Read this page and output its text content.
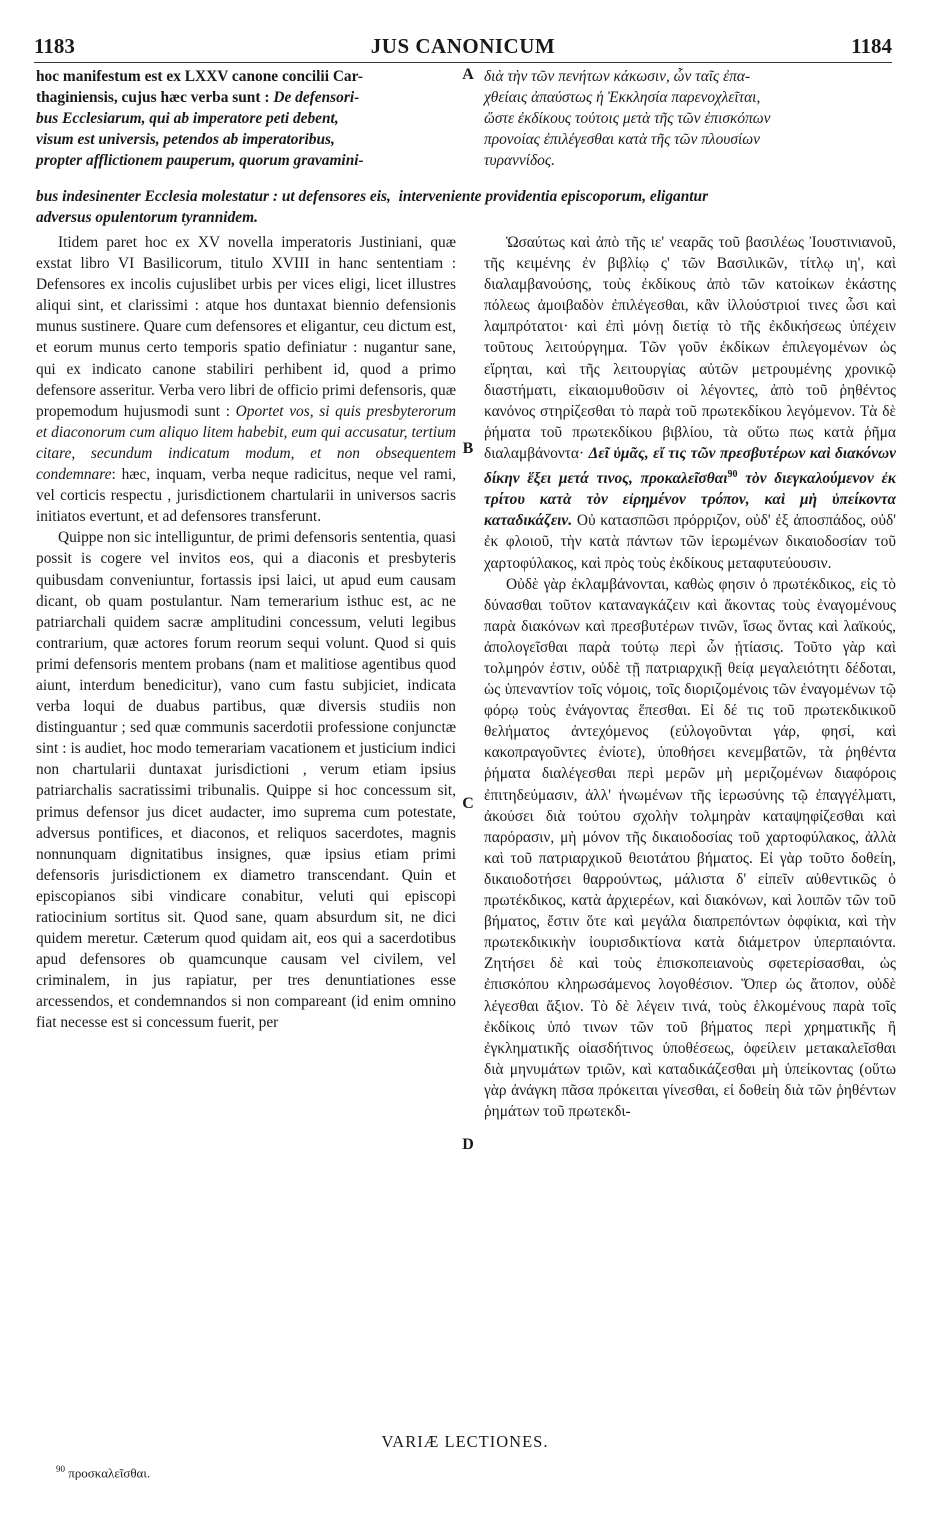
1183	JUS CANONICUM	1184
hoc manifestum est ex LXXV canone concilii Car-
thaginiensis, cujus hæc verba sunt : De defensori-
bus Ecclesiarum, qui ab imperatore peti debent,
visum est universis, petendos ab imperatoribus,
propter afflictionem pauperum, quorum gravamini-
A διὰ τὴν τῶν πενήτων κάκωσιν, ὧν ταῖς ἐπα-
χθείαις ἀπαύστως ἡ Ἐκκλησία παρενοχλεῖται,
ὥστε ἐκδίκους τούτοις μετὰ τῆς τῶν ἐπισκόπων
προνοίας ἐπιλέγεσθαι κατὰ τῆς τῶν πλουσίων
τυραννίδος.
bus indesinenter Ecclesia molestatur : ut defensores eis, interveniente providentia episcoporum, eligantur
adversus opulentorum tyrannidem.

Itidem paret hoc ex XV novella imperatoris Justiniani, quæ exstat libro VI Basilicorum, titulo XVIII in hanc sententiam : Defensores ex incolis cujuslibet urbis per vices eligi, licet illustres aliqui sint, et clarissimi : atque hos duntaxat biennio defensionis munus sustinere. Quare cum defensores et eligantur, ceu dictum est, et eorum munus certo temporis spatio definiatur : nugantur sane, qui ex indicato canone stabiliri perhibent id, quod a primo defensore asseritur. Verba vero libri de officio primi defensoris, quæ propemodum hujusmodi sunt : Oportet vos, si quis presbyterorum et diaconorum cum aliquo litem habebit, eum qui accusatur, tertium citare, secundum indicatum modum, et non obsequentem condemnare: hæc, inquam, verba neque radicitus, neque vel rami, vel corticis respectu , jurisdictionem chartularii in universos sacris initiatos evertunt, et ad defensores transferunt.

Quippe non sic intelliguntur, de primi defensoris sententia, quasi possit is cogere vel invitos eos, qui a diaconis et presbyteris quibusdam conveniuntur, fortassis ipsi laici, ut apud eum causam dicant, ob quam postulantur. Nam temerarium isthuc est, ac ne patriarchali quidem sacræ amplitudini concessum, veluti legibus contrarium, quæ actores forum reorum sequi volunt. Quod si quis primi defensoris mentem probans (nam et malitiose agentibus quod aiunt, interdum benedicitur), vano cum fastu subjiciet, indicata verba loqui de duabus partibus, quæ diversis studiis non distinguantur ; sed quæ communis sacerdotii professione conjunctæ sint : is audiet, hoc modo temerariam vacationem et justicium indici non chartularii duntaxat jurisdictioni , verum etiam ipsius patriarchalis sacratissimi tribunalis. Quippe si hoc concessum sit, primus defensor jus dicet audacter, imo suprema cum potestate, adversus pontifices, et diaconos, et reliquos sacerdotes, magnis nonnunquam dignitatibus insignes, quæ ipsius etiam primi defensoris jurisdictionem ex diametro transcendant. Quin et episcopianos sibi vindicare conabitur, veluti qui episcopi ratiocinium sortitus sit. Quod sane, quam absurdum sit, ne dici quidem meretur. Cæterum quod quidam ait, eos qui a sacerdotibus apud defensores ob quamcunque causam vel civilem, vel criminalem, in jus rapiatur, per tres denuntiationes esse arcessendos, et condemnandos si non compareant (id enim omnino fiat necesse est si concessum fuerit, per

B
C
D

Ὡσαύτως καὶ ἀπὸ τῆς ιε' νεαρᾶς τοῦ βασιλέως Ἰουστινιανοῦ, τῆς κειμένης ἐν βιβλίῳ ς' τῶν Βασιλικῶν, τίτλῳ ιη', καὶ διαλαμβανούσης, τοὺς ἐκδίκους ἀπὸ τῶν κατοίκων ἑκάστης πόλεως ἀμοιβαδὸν ἐπιλέγεσθαι, κἂν ἰλλούστριοί τινες ὦσι καὶ λαμπρότατοι· καὶ ἐπὶ μόνῃ διετίᾳ τὸ τῆς ἐκδικήσεως ὑπέχειν τοῦτους λειτούργημα. Τῶν γοῦν ἐκδίκων ἐπιλεγομένων ὡς εἴρηται, καὶ τῆς λειτουργίας αὐτῶν μετρουμένης χρονικῷ διαστήματι, εἰκαιομυθοῦσιν οἱ λέγοντες, ἀπὸ τοῦ ῥηθέντος κανόνος στηρίζεσθαι τὸ παρὰ τοῦ πρωτεκδίκου λεγόμενον. Τὰ δὲ ῥήματα τοῦ πρωτεκδίκου βιβλίου, τὰ οὕτω πως κατὰ ῥῆμα διαλαμβάνοντα· Δεῖ ὑμᾶς, εἴ τις τῶν πρεσβυτέρων καὶ διακόνων δίκην ἕξει μετά τινος, προκαλεῖσθαι$^{90}$ τὸν διεγκαλούμενον ἐκ τρίτου κατὰ τὸν εἰρημένον τρόπον, καὶ μὴ ὑπείκοντα καταδικάζειν. Οὐ κατασπῶσι πρόρριζον, οὐδ' ἐξ ἀποσπάδος, οὐδ' ἐκ φλοιοῦ, τὴν κατὰ πάντων τῶν ἱερωμένων δικαιοδοσίαν τοῦ χαρτοφύλακος, καὶ πρὸς τοὺς ἐκδίκους μεταφυτεύουσιν.

Οὐδὲ γὰρ ἐκλαμβάνονται, καθὼς φησιν ὁ πρωτέκδικος, εἰς τὸ δύνασθαι τοῦτον καταναγκάζειν καὶ ἄκοντας τοὺς ἐναγομένους παρὰ διακόνων καὶ πρεσβυτέρων τινῶν, ἴσως ὄντας καὶ λαϊκούς, ἀπολογεῖσθαι παρὰ τούτῳ περὶ ὧν ᾐτίασις. Τοῦτο γὰρ καὶ τολμηρόν ἐστιν, οὐδὲ τῇ πατριαρχικῇ θείᾳ μεγαλειότητι δέδοται, ὡς ὑπεναντίον τοῖς νόμοις, τοῖς διοριζομένοις τῶν ἐναγομένων τῷ φόρῳ τοὺς ἐνάγοντας ἕπεσθαι. Εἰ δέ τις τοῦ πρωτεκδικικοῦ θελήματος ἀντεχόμενος (εὐλογοῦνται γάρ, φησί, καὶ κακοπραγοῦντες ἐνίοτε), ὑποθήσει κενεμβατῶν, τὰ ῥηθέντα ῥήματα διαλέγεσθαι περὶ μερῶν μὴ μεριζομένων διαφόροις ἐπιτηδεύμασιν, ἀλλ' ἡνωμένων τῆς ἱερωσύνης τῷ ἐπαγγέλματι, ἀκούσει διὰ τούτου σχολὴν τολμηρὰν καταψηφίζεσθαι καὶ παρόρασιν, μὴ μόνον τῆς δικαιοδοσίας τοῦ χαρτοφύλακος, ἀλλὰ καὶ τοῦ πατριαρχικοῦ θειοτάτου βήματος. Εἰ γὰρ τοῦτο δοθείη, δικαιοδοτήσει θαρρούντως, μάλιστα δ' εἰπεῖν αὐθεντικῶς ὁ πρωτέκδικος, κατὰ ἀρχιερέων, καὶ διακόνων, καὶ λοιπῶν τῶν τοῦ βήματος, ἔστιν ὅτε καὶ μεγάλα διαπρεπόντων ὀφφίκια, καὶ τὴν πρωτεκδικικὴν ἰουρισδικτίονα κατὰ διάμετρον ὑπερπαιόντα. Ζητήσει δὲ καὶ τοὺς ἐπισκοπειανοὺς σφετερίσασθαι, ὡς ἐπισκόπου κληρωσάμενος λογοθέσιον. Ὅπερ ὡς ἄτοπον, οὐδὲ λέγεσθαι ἄξιον. Τὸ δὲ λέγειν τινά, τοὺς ἑλκομένους παρὰ τοῖς ἐκδίκοις ὑπό τινων τῶν τοῦ βήματος περὶ χρηματικῆς ἢ ἐγκληματικῆς οἱασδήτινος ὑποθέσεως, ὀφείλειν μετακαλεῖσθαι διὰ μηνυμάτων τριῶν, καὶ καταδικάζεσθαι μὴ ὑπείκοντας (οὕτω γὰρ ἀνάγκη πᾶσα πρόκειται γίνεσθαι, εἰ δοθείη διὰ τῶν ῥηθέντων ῥημάτων τοῦ πρωτεκδι-

VARIÆ LECTIONES.
$^{90}$ προσκαλεῖσθαι.
